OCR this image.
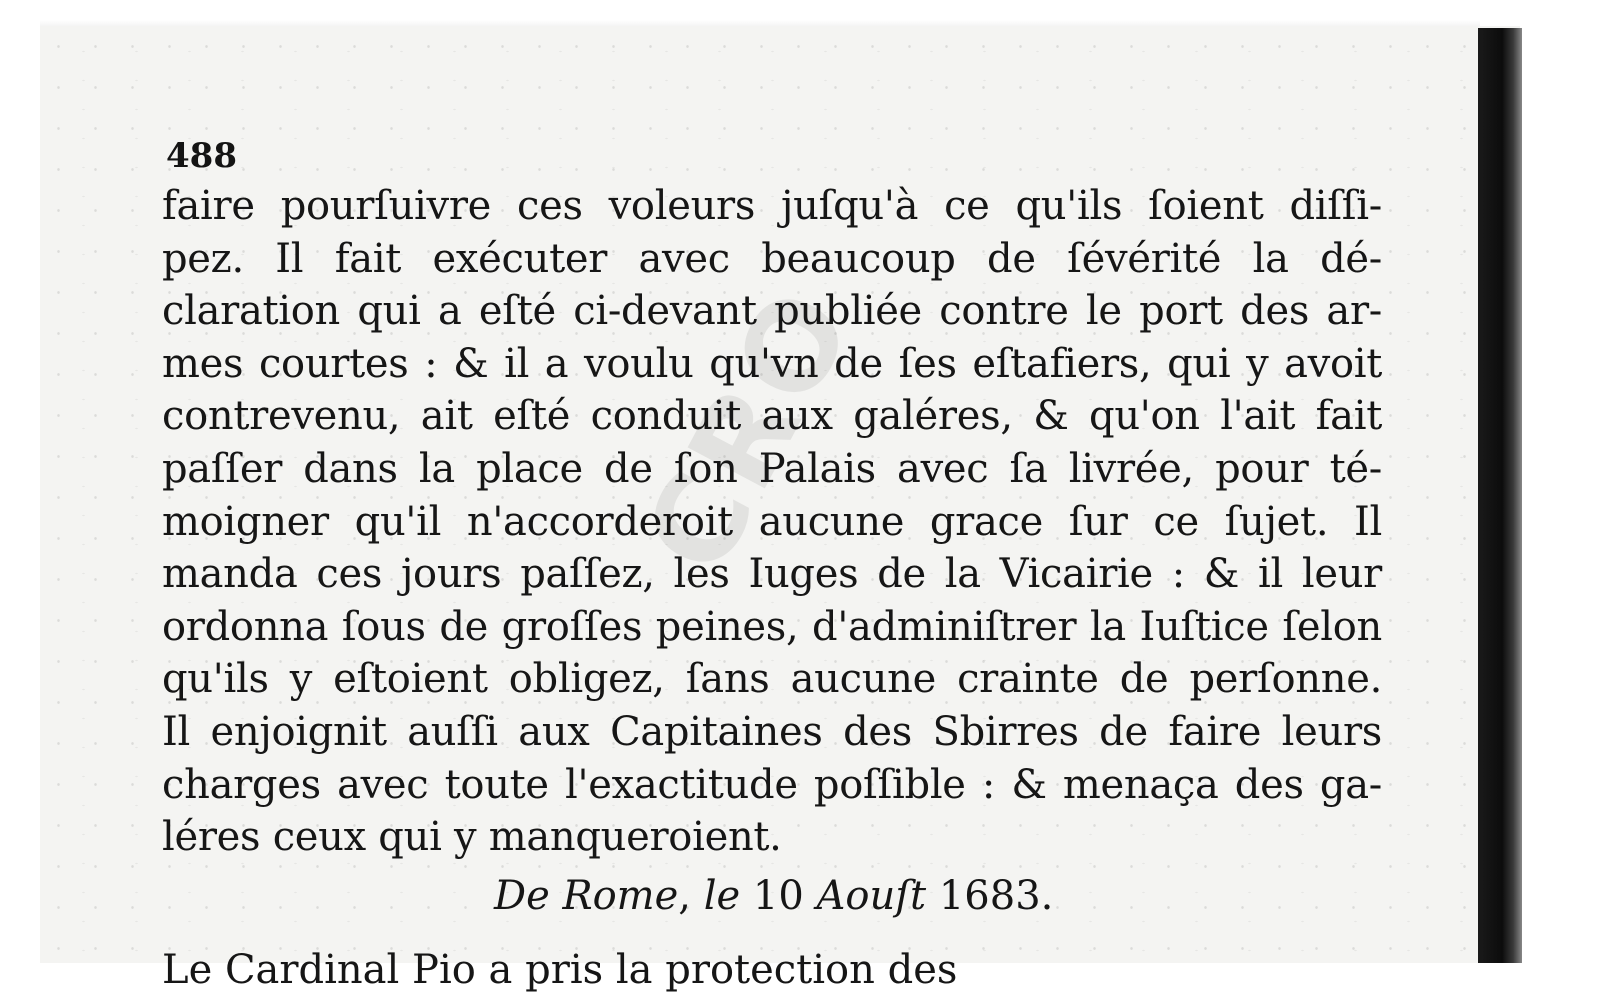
CRO
488
faire pourſuivre ces voleurs juſqu'à ce qu'ils ſoient diſſi-
pez. Il fait exécuter avec beaucoup de ſévérité la dé-
claration qui a eſté ci-devant publiée contre le port des ar-
mes courtes : & il a voulu qu'vn de ſes eſtafiers, qui y avoit
contrevenu, ait eſté conduit aux galéres, & qu'on l'ait fait
paſſer dans la place de ſon Palais avec ſa livrée, pour té-
moigner qu'il n'accorderoit aucune grace ſur ce ſujet. Il
manda ces jours paſſez, les Iuges de la Vicairie : & il leur
ordonna ſous de groſſes peines, d'adminiſtrer la Iuſtice ſelon
qu'ils y eſtoient obligez, ſans aucune crainte de perſonne.
Il enjoignit auſſi aux Capitaines des Sbirres de faire leurs
charges avec toute l'exactitude poſſible : & menaça des ga-
léres ceux qui y manqueroient.
De Rome, le 10 Aouſt 1683.
Le Cardinal Pio a pris la protection des
